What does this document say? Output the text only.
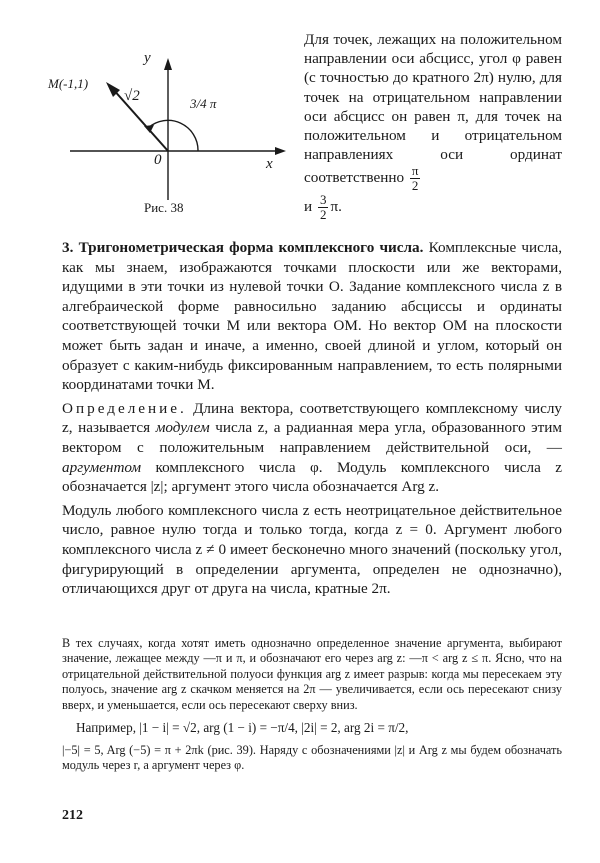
M(-1,1)
√2	3/4 π
y
x
0
Рис. 38

Для точек, лежащих на положительном направлении оси абсцисс, угол φ равен (с точностью до кратного 2π) нулю, для точек на отрицательном направлении оси абсцисс он равен π, для точек на положительном и отрицательном направлениях оси ординат соответственно $\frac{\pi}{2}$

и $\frac{3}{2} \pi$.

3. Тригонометрическая форма комплексного числа. Комплексные числа, как мы знаем, изображаются точками плоскости или же векторами, идущими в эти точки из нулевой точки O. Задание комплексного числа z в алгебраической форме равносильно заданию абсциссы и ординаты соответствующей точки M или вектора OM. Но вектор OM на плоскости может быть задан и иначе, а именно, своей длиной и углом, который он образует с каким-нибудь фиксированным направлением, то есть полярными координатами точки M.

Определение. Длина вектора, соответствующего комплексному числу z, называется модулем числа z, а радианная мера угла, образованного этим вектором с положительным направлением действительной оси, — аргументом комплексного числа φ. Модуль комплексного числа z обозначается |z|; аргумент этого числа обозначается Arg z.

Модуль любого комплексного числа z есть неотрицательное действительное число, равное нулю тогда и только тогда, когда z = 0. Аргумент любого комплексного числа z ≠ 0 имеет бесконечно много значений (поскольку угол, фигурирующий в определении аргумента, определен не однозначно), отличающихся друг от друга на числа, кратные 2π.

В тех случаях, когда хотят иметь однозначно определенное значение аргумента, выбирают значение, лежащее между —π и π, и обозначают его через arg z: —π < arg z ≤ π. Ясно, что на отрицательной действительной полуоси функция arg z имеет разрыв: когда мы пересекаем эту полуось, значение arg z скачком меняется на 2π — увеличивается, если ось пересекают снизу вверх, и уменьшается, если ось пересекают сверху вниз.

Например, |1 − i| = √2, arg (1 − i) = −π/4, |2i| = 2, arg 2i = π/2,

|−5| = 5, Arg (−5) = π + 2πk (рис. 39). Наряду с обозначениями |z| и Arg z мы будем обозначать модуль через r, а аргумент через φ.

212
